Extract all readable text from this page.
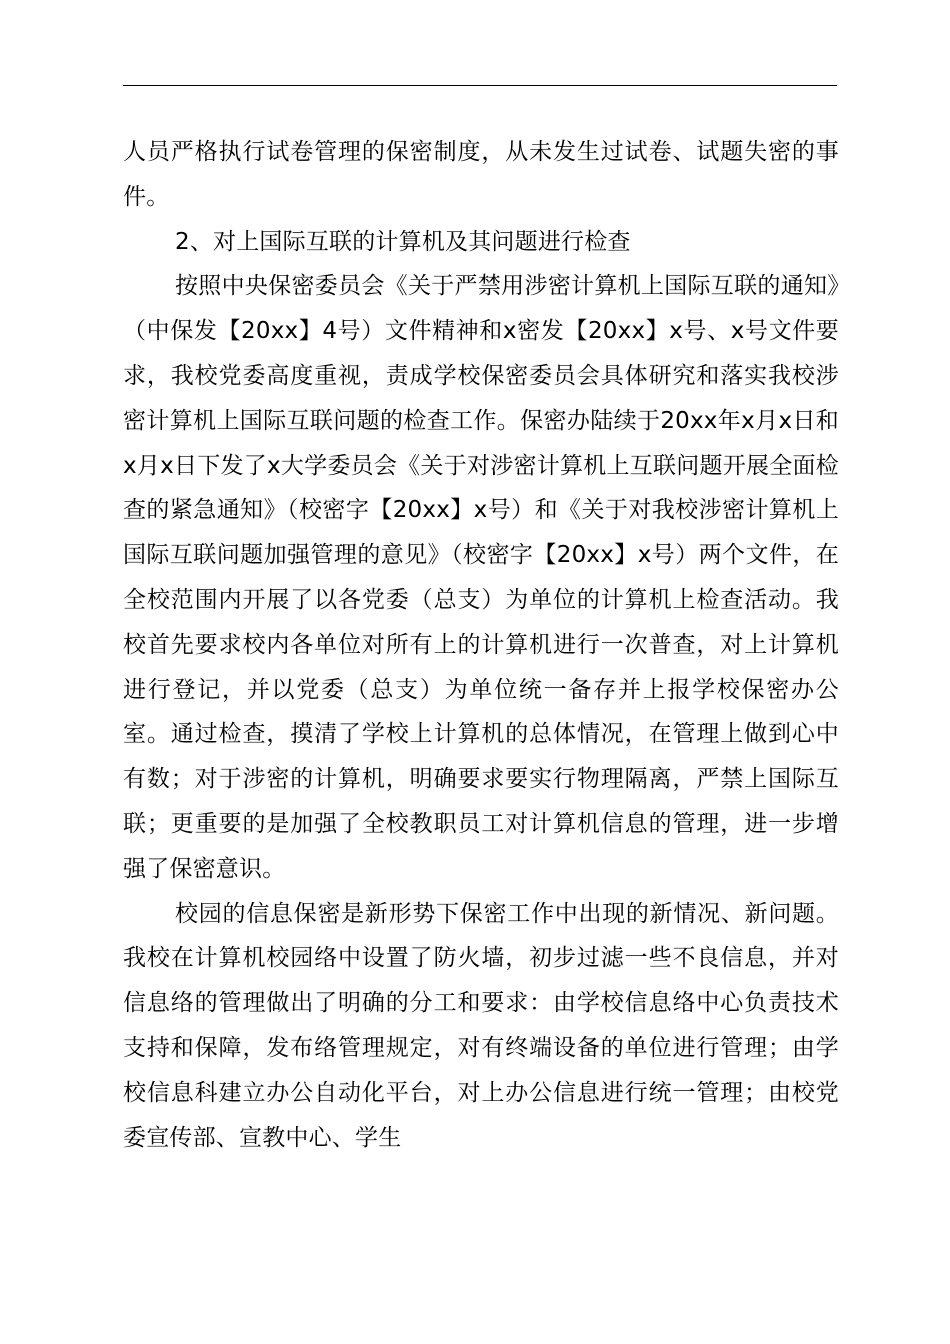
人员严格执行试卷管理的保密制度，从未发生过试卷、试题失密的事件。

2、对上国际互联的计算机及其问题进行检查

按照中央保密委员会《关于严禁用涉密计算机上国际互联的通知》（中保发【20xx】4号）文件精神和x密发【20xx】x号、x号文件要求，我校党委高度重视，责成学校保密委员会具体研究和落实我校涉密计算机上国际互联问题的检查工作。保密办陆续于20xx年x月x日和x月x日下发了x大学委员会《关于对涉密计算机上互联问题开展全面检查的紧急通知》（校密字【20xx】x号）和《关于对我校涉密计算机上国际互联问题加强管理的意见》（校密字【20xx】x号）两个文件，在全校范围内开展了以各党委（总支）为单位的计算机上检查活动。我校首先要求校内各单位对所有上的计算机进行一次普查，对上计算机进行登记，并以党委（总支）为单位统一备存并上报学校保密办公室。通过检查，摸清了学校上计算机的总体情况，在管理上做到心中有数；对于涉密的计算机，明确要求要实行物理隔离，严禁上国际互联；更重要的是加强了全校教职员工对计算机信息的管理，进一步增强了保密意识。

校园的信息保密是新形势下保密工作中出现的新情况、新问题。我校在计算机校园络中设置了防火墙，初步过滤一些不良信息，并对信息络的管理做出了明确的分工和要求：由学校信息络中心负责技术支持和保障，发布络管理规定，对有终端设备的单位进行管理；由学校信息科建立办公自动化平台，对上办公信息进行统一管理；由校党委宣传部、宣教中心、学生
